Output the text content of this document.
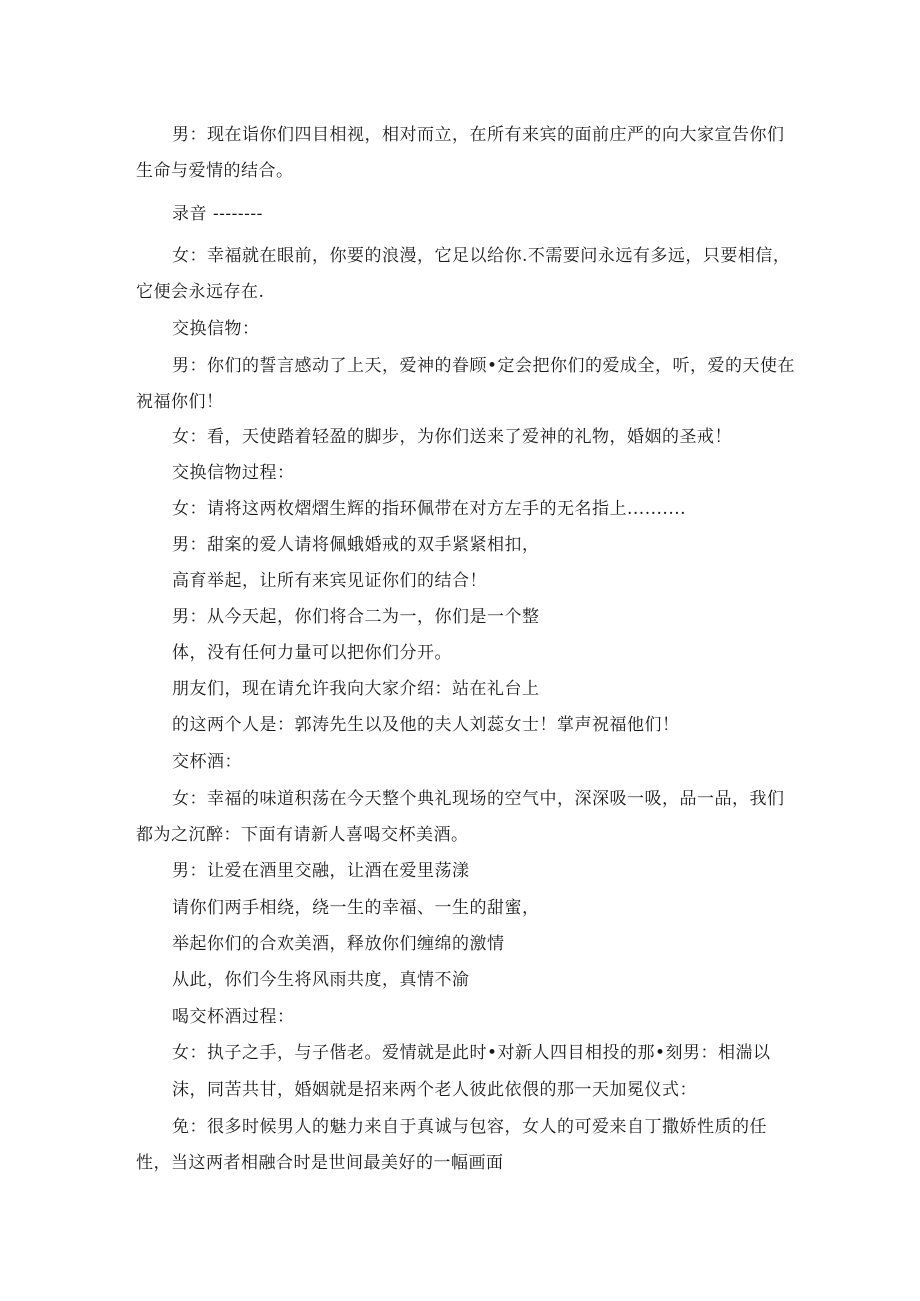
男：现在诣你们四目相视，相对而立，在所有来宾的面前庄严的向大家宣告你们
生命与爱情的结合。
录音 --------
女：幸福就在眼前，你要的浪漫，它足以给你.不需要问永远有多远，只要相信，
它便会永远存在.
交换信物：
男：你们的誓言感动了上天，爱神的眷顾•定会把你们的爱成全，听，爱的天使在
祝福你们！
女：看，天使踏着轻盈的脚步，为你们送来了爱神的礼物，婚姻的圣戒！
交换信物过程：
女：请将这两枚熠熠生辉的指环佩带在对方左手的无名指上..........
男：甜案的爱人请将佩蛾婚戒的双手紧紧相扣，
高育举起，让所有来宾见证你们的结合！
男：从今天起，你们将合二为一，你们是一个整
体，没有任何力量可以把你们分开。
朋友们，现在请允许我向大家介绍：站在礼台上
的这两个人是：郭涛先生以及他的夫人刘蕊女士！掌声祝福他们！
交杯酒：
女：幸福的味道积荡在今天整个典礼现场的空气中，深深吸一吸，品一品，我们
都为之沉醉：下面有请新人喜喝交杯美酒。
男：让爱在酒里交融，让酒在爱里荡漾
请你们两手相绕，绕一生的幸福、一生的甜蜜，
举起你们的合欢美酒，释放你们缠绵的激情
从此，你们今生将风雨共度，真情不渝
喝交杯酒过程：
女：执子之手，与子偕老。爱情就是此时•对新人四目相投的那•刻男：相湍以
沫，同苦共甘，婚姻就是招来两个老人彼此依偎的那一天加冕仪式：
免：很多时候男人的魅力来自于真诚与包容，女人的可爱来自丁撒娇性质的任
性，当这两者相融合时是世间最美好的一幅画面
